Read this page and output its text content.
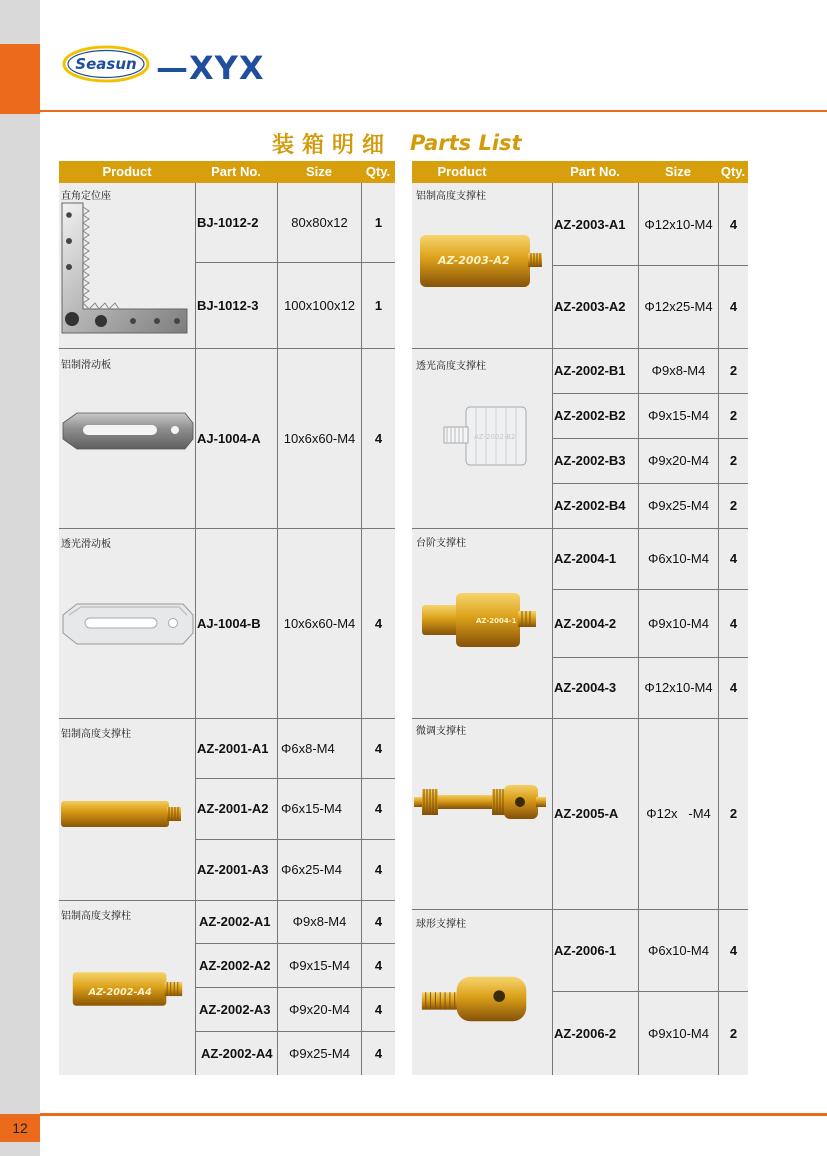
12
Seasun —XYX
装箱明细 Parts List
Product	Part No.	Size	Qty.
直角定位座
铝制滑动板
透光滑动板
铝制高度支撑柱
铝制高度支撑柱
BJ-1012-2	80x80x12	1
BJ-1012-3	100x100x12	1
AJ-1004-A	10x6x60-M4	4
AJ-1004-B	10x6x60-M4	4
AZ-2001-A1 Φ6x8-M4	4
AZ-2001-A2 Φ6x15-M4	4
AZ-2001-A3 Φ6x25-M4	4
AZ-2002-A1	Φ9x8-M4	4
AZ-2002-A2	Φ9x15-M4	4
AZ-2002-A3	Φ9x20-M4	4
AZ-2002-A4	Φ9x25-M4	4
AZ-2002-A4
Product	Part No.	Size	Qty.
铝制高度支撑柱
透光高度支撑柱
台阶支撑柱
微调支撑柱
球形支撑柱
AZ-2003-A1	Φ12x10-M4	4
AZ-2003-A2	Φ12x25-M4	4
AZ-2002-B1	Φ9x8-M4	2
AZ-2002-B2	Φ9x15-M4	2
AZ-2002-B3	Φ9x20-M4	2
AZ-2002-B4	Φ9x25-M4	2
AZ-2004-1	Φ6x10-M4	4
AZ-2004-2	Φ9x10-M4	4
AZ-2004-3	Φ12x10-M4	4
AZ-2005-A	Φ12x   -M4	2
AZ-2006-1	Φ6x10-M4	4
AZ-2006-2	Φ9x10-M4	2
AZ-2003-A2
AZ-2002-B2
AZ-2004-1
